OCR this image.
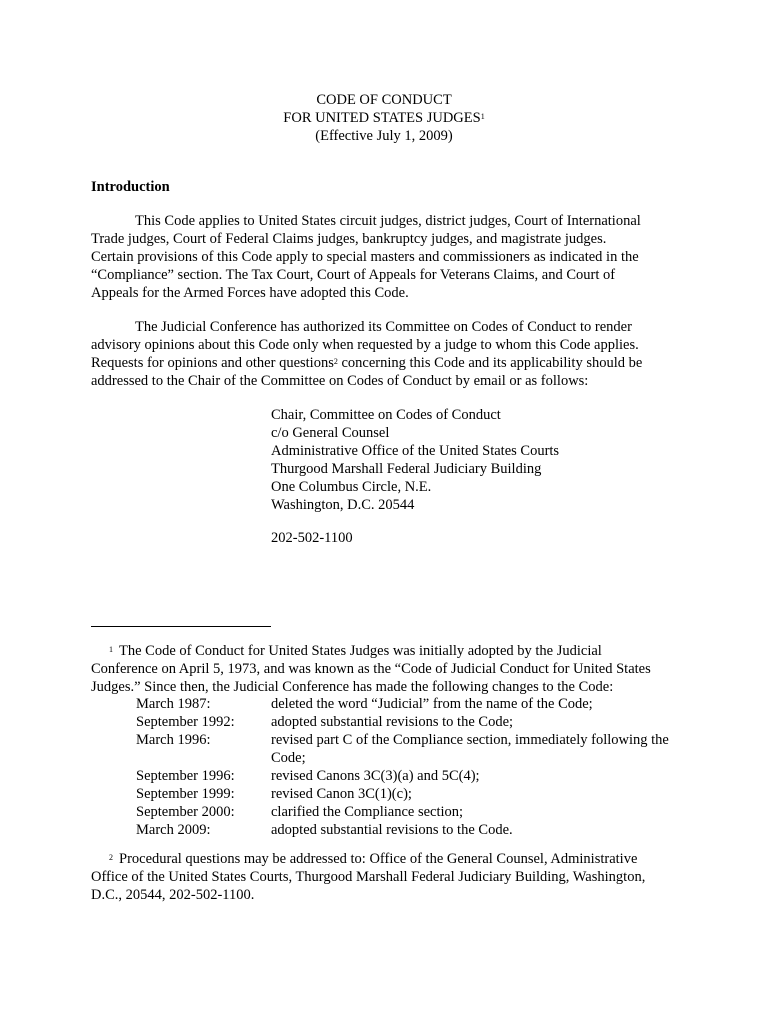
CODE OF CONDUCT
FOR UNITED STATES JUDGES$^1$
(Effective July 1, 2009)
Introduction
This Code applies to United States circuit judges, district judges, Court of International
Trade judges, Court of Federal Claims judges, bankruptcy judges, and magistrate judges.
Certain provisions of this Code apply to special masters and commissioners as indicated in the
“Compliance” section. The Tax Court, Court of Appeals for Veterans Claims, and Court of
Appeals for the Armed Forces have adopted this Code.
The Judicial Conference has authorized its Committee on Codes of Conduct to render
advisory opinions about this Code only when requested by a judge to whom this Code applies.
Requests for opinions and other questions$^2$ concerning this Code and its applicability should be
addressed to the Chair of the Committee on Codes of Conduct by email or as follows:
Chair, Committee on Codes of Conduct
c/o General Counsel
Administrative Office of the United States Courts
Thurgood Marshall Federal Judiciary Building
One Columbus Circle, N.E.
Washington, D.C. 20544
202-502-1100
$^1$ The Code of Conduct for United States Judges was initially adopted by the Judicial
Conference on April 5, 1973, and was known as the “Code of Judicial Conduct for United States
Judges.” Since then, the Judicial Conference has made the following changes to the Code:
March 1987:	deleted the word “Judicial” from the name of the Code;
September 1992:	adopted substantial revisions to the Code;
March 1996:	revised part C of the Compliance section, immediately following the Code;
September 1996:	revised Canons 3C(3)(a) and 5C(4);
September 1999:	revised Canon 3C(1)(c);
September 2000:	clarified the Compliance section;
March 2009:	adopted substantial revisions to the Code.
$^2$ Procedural questions may be addressed to: Office of the General Counsel, Administrative
Office of the United States Courts, Thurgood Marshall Federal Judiciary Building, Washington,
D.C., 20544, 202-502-1100.
